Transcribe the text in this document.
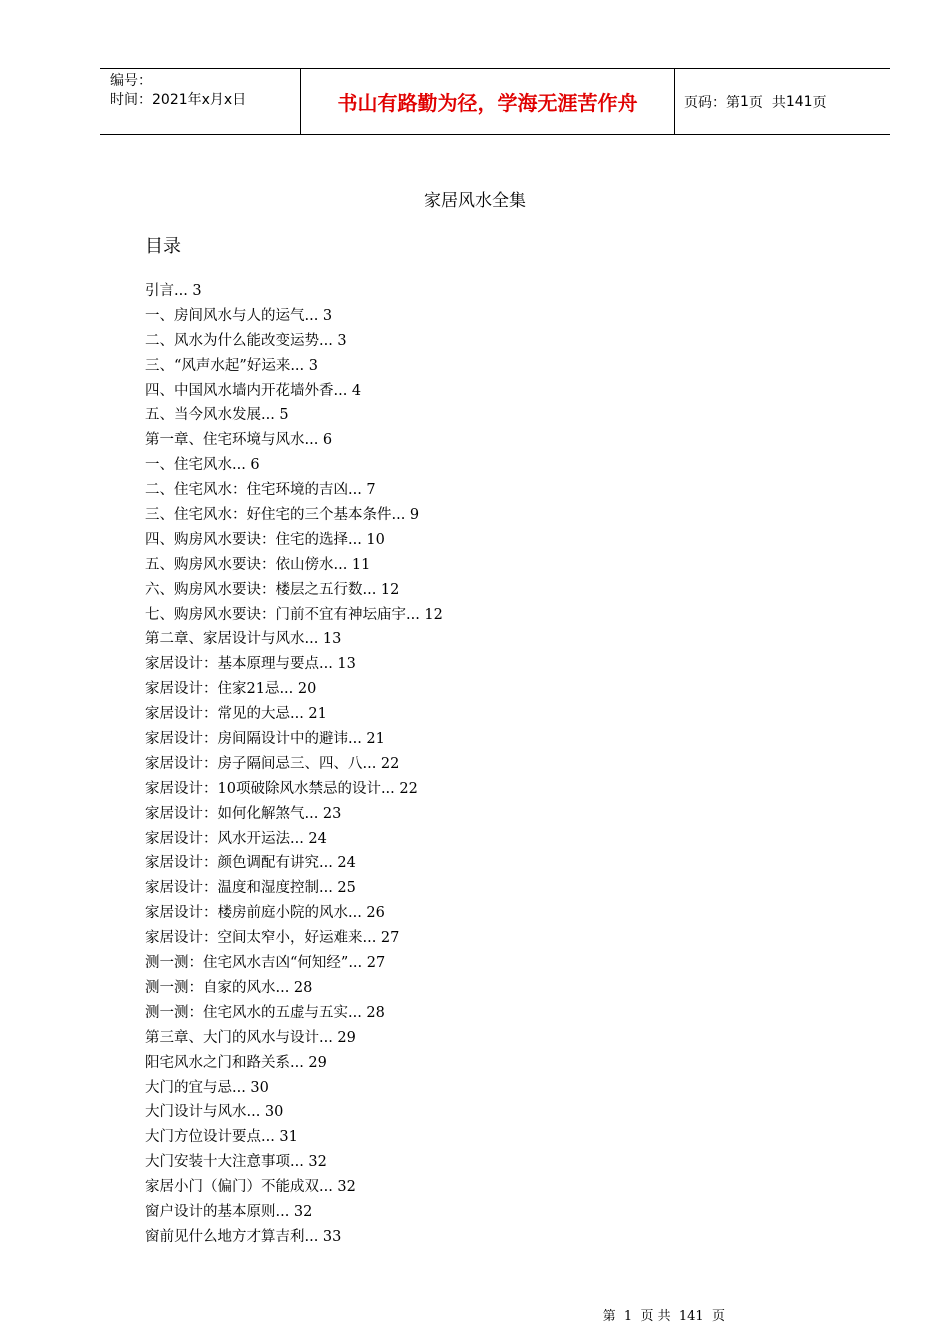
编号：
时间：2021年x月x日	书山有路勤为径，学海无涯苦作舟	页码：第 1 页  共 141 页
家居风水全集
目录
引言... 3
一、房间风水与人的运气... 3
二、风水为什么能改变运势... 3
三、“风声水起”好运来... 3
四、中国风水墙内开花墙外香... 4
五、当今风水发展... 5
第一章、住宅环境与风水... 6
一、住宅风水... 6
二、住宅风水：住宅环境的吉凶... 7
三、住宅风水：好住宅的三个基本条件... 9
四、购房风水要诀：住宅的选择... 10
五、购房风水要诀：依山傍水... 11
六、购房风水要诀：楼层之五行数... 12
七、购房风水要诀：门前不宜有神坛庙宇... 12
第二章、家居设计与风水... 13
家居设计：基本原理与要点... 13
家居设计：住家21忌... 20
家居设计：常见的大忌... 21
家居设计：房间隔设计中的避讳... 21
家居设计：房子隔间忌三、四、八... 22
家居设计：10项破除风水禁忌的设计... 22
家居设计：如何化解煞气... 23
家居设计：风水开运法... 24
家居设计：颜色调配有讲究... 24
家居设计：温度和湿度控制... 25
家居设计：楼房前庭小院的风水... 26
家居设计：空间太窄小，好运难来... 27
测一测：住宅风水吉凶“何知经”... 27
测一测：自家的风水... 28
测一测：住宅风水的五虚与五实... 28
第三章、大门的风水与设计... 29
阳宅风水之门和路关系... 29
大门的宜与忌... 30
大门设计与风水... 30
大门方位设计要点... 31
大门安装十大注意事项... 32
家居小门（偏门）不能成双... 32
窗户设计的基本原则... 32
窗前见什么地方才算吉利... 33
第  1  页 共  141  页
